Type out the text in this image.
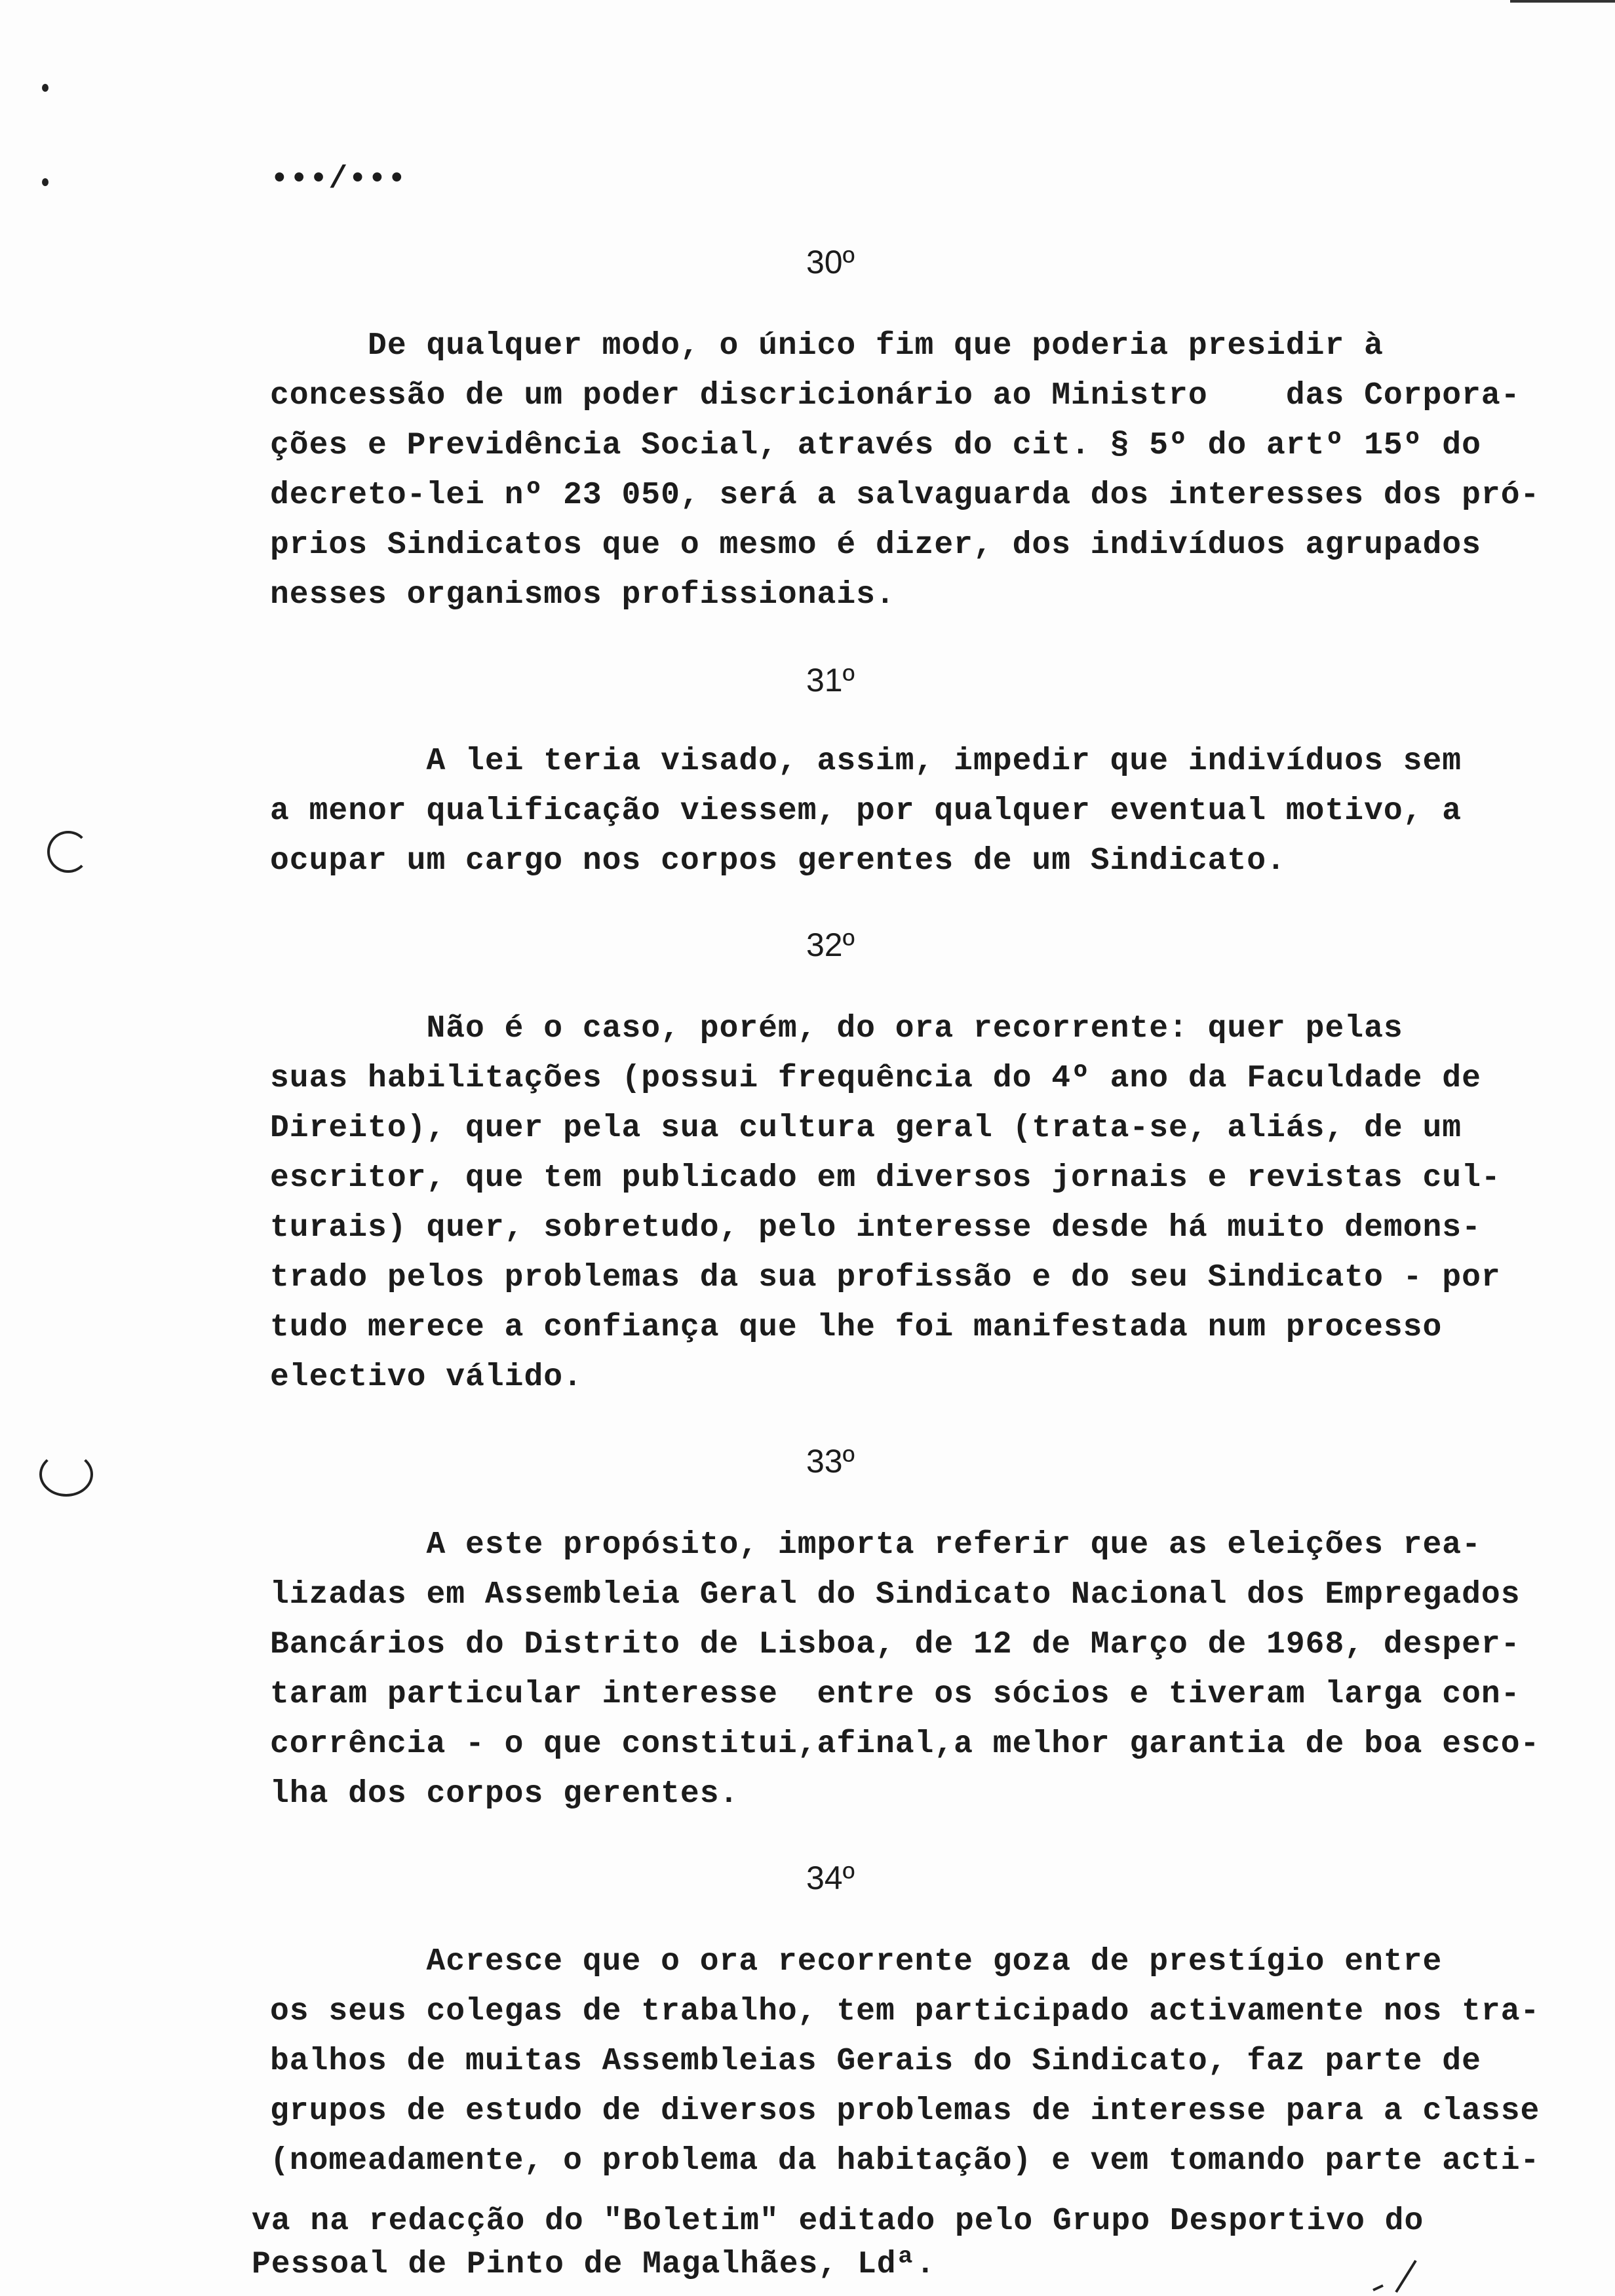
•••/•••
30º
De qualquer modo, o único fim que poderia presidir à
concessão de um poder discricionário ao Ministro    das Corpora-
ções e Previdência Social, através do cit. § 5º do artº 15º do
decreto-lei nº 23 050, será a salvaguarda dos interesses dos pró-
prios Sindicatos que o mesmo é dizer, dos indivíduos agrupados
nesses organismos profissionais.
31º
A lei teria visado, assim, impedir que indivíduos sem
a menor qualificação viessem, por qualquer eventual motivo, a
ocupar um cargo nos corpos gerentes de um Sindicato.
32º
Não é o caso, porém, do ora recorrente: quer pelas
suas habilitações (possui frequência do 4º ano da Faculdade de
Direito), quer pela sua cultura geral (trata-se, aliás, de um
escritor, que tem publicado em diversos jornais e revistas cul-
turais) quer, sobretudo, pelo interesse desde há muito demons-
trado pelos problemas da sua profissão e do seu Sindicato - por
tudo merece a confiança que lhe foi manifestada num processo
electivo válido.
33º
A este propósito, importa referir que as eleições rea-
lizadas em Assembleia Geral do Sindicato Nacional dos Empregados
Bancários do Distrito de Lisboa, de 12 de Março de 1968, desper-
taram particular interesse  entre os sócios e tiveram larga con-
corrência - o que constitui,afinal,a melhor garantia de boa esco-
lha dos corpos gerentes.
34º
Acresce que o ora recorrente goza de prestígio entre
os seus colegas de trabalho, tem participado activamente nos tra-
balhos de muitas Assembleias Gerais do Sindicato, faz parte de
grupos de estudo de diversos problemas de interesse para a classe
(nomeadamente, o problema da habitação) e vem tomando parte acti-
va na redacção do "Boletim" editado pelo Grupo Desportivo do
Pessoal de Pinto de Magalhães, Ldª.
